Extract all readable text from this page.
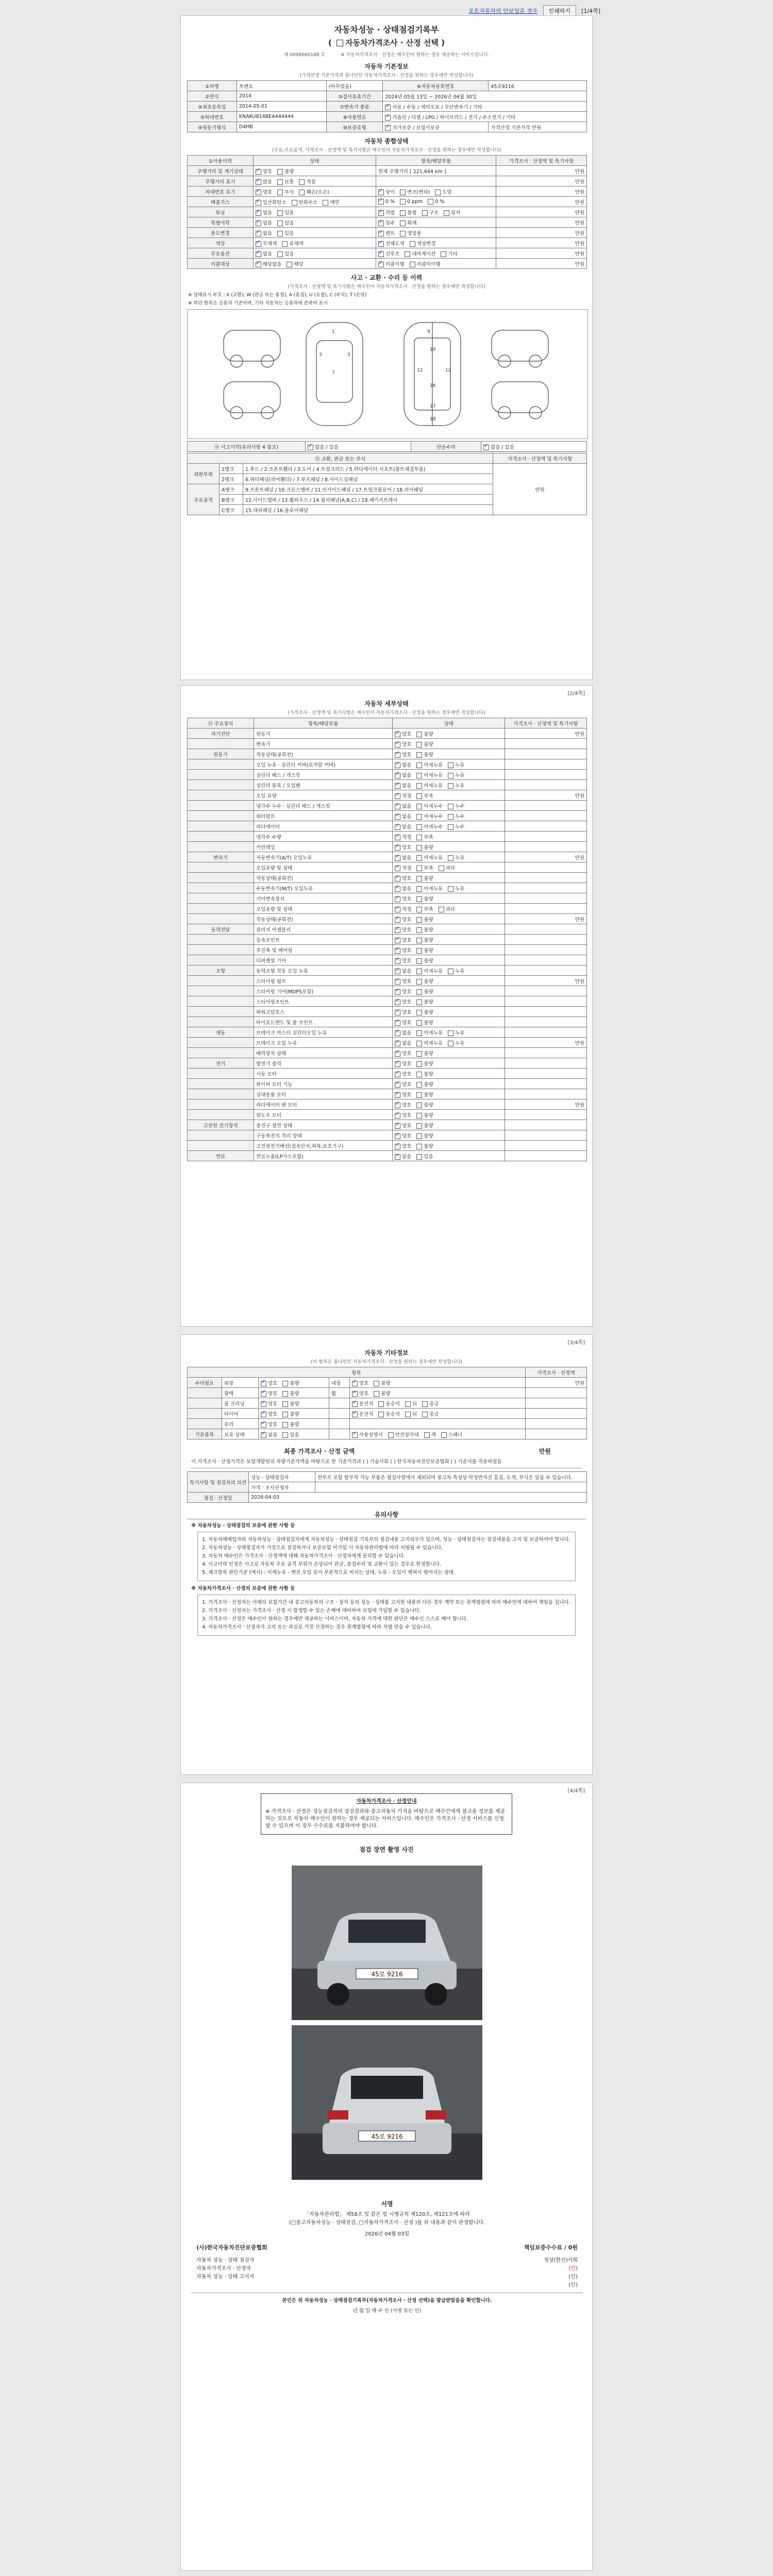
포토자동차의 안보입을 경우	인쇄하기	[1/4쪽]
자동차성능 · 상태점검기록부
( 자동차가격조사 · 산정 선택 )
제 0098660188 호	※ 자동차가격조사 · 산정은 매수인이 원하는 경우 제공하는 서비스입니다.
자동차 기본정보
(가격산정 기준가격과 품나인인 자동차가격조사 · 산정을 원하는 경우에만 작성합니다)
①차명	쏘렌토	(바꾸었을)	⑥자동차등록번호	45로9216
②연식	2014	③검사유효기간	2024년 05월 13일 ~ 2026년 04월 30일	
④최초등록일	2014-05-01	⑦변속기 종류	✓자동 / 수동 / 세미오토 / 무단변속기 / 기타
⑤차대번호	KNAKU814BEA444444	⑧사용연료	✓가솔린 / 디젤 / LPG / 하이브리드 / 전기 / 수소전기 / 기타
⑨원동기형식	D4HB	⑩보증유형	✓자가보증 / 보험사보증	가격산정 기준가격 만원
자동차 종합상태
(주요,주요골격, 가격조사 · 산정액 및 특기사항은 매수인이 자동차가격조사 · 산정을 원하는 경우에만 작성합니다)
①사용이력	상태	항목/해당부품	가격조사 · 산정액 및 특기사항
주행거리 및 계기상태	✓양호 불량	현재 주행거리 [ 221,644 km ]	만원
주행거리 표시	✓많음 보통 적음		만원
차대번호 표기	✓양호 부식 훼손(오손)	✓상이 변조(변타) 도말	만원
배출가스	✓일산화탄소 탄화수소 매연	✓0 % 0 ppm 0 %	만원
튜닝	✓없음 있음	✓적법 불법 구조 장치	만원
특별이력	✓없음 있음	✓침수 화재	만원
용도변경	✓없음 있음	✓렌트 영업용	만원
색상	✓무채색 유채색	✓전체도색 색상변경	만원
주요옵션	✓없음 있음	✓선루프 네비게이션 기타	만원
리콜대상	✓해당없음 해당	✓리콜이행 리콜미이행	만원
사고 · 교환 · 수리 등 이력
(가격조사 · 산정액 및 특기사항은 매수인이 자동차가격조사 · 산정을 원하는 경우에만 작성합니다)

※ 상태표시 부호 : X (교환), W (판금 또는 용접), A (흠집), U (요철), C (부식), T (손상)

※ 하단 항목은 승용차 기준이며, 기타 자동차는 승용차에 준하여 표시

1
7
3	3
9
10
12	12
16
17
18
⑪ 사고이력(유의사항 4 참조)	✓없음 / 있음	단순수리	✓없음 / 있음
⑫ 교환, 판금 또는 부식			가격조사 · 산정액 및 특기사항
외판부위	1랭크	1.후드 / 2.프론트휀더 / 3.도어 / 4.트렁크리드 / 5.라디에이터 서포트(볼트체결부품)	만원
	2랭크	6.쿼터패널(리어휀더) / 7.루프패널 / 8.사이드실패널	
주요골격	A랭크	9.프론트패널 / 10.크로스멤버 / 11.인사이드패널 / 17.트렁크플로어 / 18.리어패널	
	B랭크	12.사이드멤버 / 13.휠하우스 / 14.필러패널(A,B,C) / 19.패키지트레이	
	C랭크	15.대쉬패널 / 16.플로어패널	
[2/4쪽]
자동차 세부상태
(가격조사 · 산정액 및 특기사항은 매수인이 자동차가격조사 · 산정을 원하는 경우에만 작성합니다)
⑬ 주요장치	항목/해당부품	상태	가격조사 · 산정액 및 특기사항
자기진단	원동기	✓양호 불량	만원
	변속기	✓양호 불량	
원동기	작동상태(공회전)	✓양호 불량	
	오일 누유 · 실린더 커버(로커암 커버)	✓없음 미세누유 누유	
	실린더 헤드 / 개스킷	✓없음 미세누유 누유	
	실린더 블록 / 오일팬	✓없음 미세누유 누유	
	오일 유량	✓적정 부족	만원
	냉각수 누수 · 실린더 헤드 / 개스킷	✓없음 미세누수 누수	
	워터펌프	✓없음 미세누수 누수	
	라디에이터	✓없음 미세누수 누수	
	냉각수 수량	✓적정 부족	
	커먼레일	✓양호 불량	
변속기	자동변속기(A/T) 오일누유	✓없음 미세누유 누유	만원
	오일유량 및 상태	✓적정 부족 과다	
	작동상태(공회전)	✓양호 불량	
	수동변속기(M/T) 오일누유	✓없음 미세누유 누유	
	기어변속장치	✓양호 불량	
	오일유량 및 상태	✓적정 부족 과다	
	작동상태(공회전)	✓양호 불량	만원
동력전달	클러치 어셈블리	✓양호 불량	
	등속조인트	✓양호 불량	
	추진축 및 베어링	✓양호 불량	
	디퍼렌셜 기어	✓양호 불량	
조향	동력조향 작동 오일 누유	✓없음 미세누유 누유	
	스티어링 펌프	✓양호 불량	만원
	스티어링 기어(MDPS포함)	✓양호 불량	
	스티어링조인트	✓양호 불량	
	파워고압호스	✓양호 불량	
	타이로드엔드 및 볼 조인트	✓양호 불량	
제동	브레이크 마스터 실린더오일 누유	✓없음 미세누유 누유	
	브레이크 오일 누유	✓없음 미세누유 누유	만원
	배력장치 상태	✓양호 불량	
전기	발전기 출력	✓양호 불량	
	시동 모터	✓양호 불량	
	와이퍼 모터 기능	✓양호 불량	
	실내송풍 모터	✓양호 불량	
	라디에이터 팬 모터	✓양호 불량	만원
	윈도우 모터	✓양호 불량	
고전원 전기장치	충전구 절연 상태	✓양호 불량	
	구동축전지 격리 상태	✓양호 불량	
	고전원전기배선(접속단자,피복,보호기구)	✓양호 불량	
연료	연료누출(LP가스포함)	✓없음 있음	
[3/4쪽]
자동차 기타정보
(이 항목은 품나인인 자동차가격조사 · 산정을 원하는 경우에만 작성합니다)
항목					가격조사 · 산정액
수리필요	외장	✓양호 불량	내장	✓양호 불량	만원
	광택	✓양호 불량	휠	✓양호 불량	
	룸 크리닝	✓양호 불량		✓운전석 동승석 뒤 응급	
	타이어	✓양호 불량		✓운전석 동승석 뒤 응급	
	유리	✓양호 불량			
기본품목	보유 상태	✓없음 있음		✓사용설명서 안전삼각대 잭 스패너	
최종 가격조사 · 산정 금액	만원
이 가격조사 · 산정가격은 보험개발원의 차량기준가액을 바탕으로 한 기준가격과 ( ) 기술사회 ( ) 한국자동차진단보증협회 ( ) 기준서를 적용하였음
특기사항 및 점검자의 의견	성능 · 상태점검자	썬루프 포함 탈부착 가능 부품은 점검사양에서 제외되며 중고차 특성상 탁성반자진 흠집, 도색, 부식은 있을 수 있습니다.
	가격 · 조사산정자	
점검 · 산정일	2026-04-03	
유의사항

※ 자동차성능 · 상태점검의 보증에 관한 사항 등

1. 자동차매매업자와 자동차성능 · 상태점검자에게 자동차성능 · 상태점검 기록부의 점검내용 고지의무가 있으며, 성능 · 상태점검자는 점검내용을 고지 및 보증하여야 합니다.

2. 자동차성능 · 상태점검자가 거짓으로 점검하거나 보증보험 미가입 시 자동차관리법에 따라 처벌될 수 있습니다.

3. 자동차 매수인은 가격조사 · 산정액에 대해 자동차가격조사 · 산정자에게 문의할 수 있습니다.

4. 사고이력 인정은 사고로 자동차 주요 골격 부위가 손상되어 판금, 용접수리 및 교환이 있는 경우로 한정합니다.

5. 체크항목 판단기준 (예시) : 미세누유 - 엔진 오일 등이 부분적으로 비치는 상태, 누유 - 오일이 맺혀서 떨어지는 상태.

※ 자동차가격조사 · 산정의 보증에 관한 사항 등

1. 가격조사 · 산정자는 아래의 보험기간 내 중고자동차의 구조 · 장치 등의 성능 · 상태를 고지한 내용과 다른 경우 계약 또는 관계법령에 따라 매수인에 대하여 책임을 집니다.

2. 가격조사 · 산정자는 가격조사 · 산정 시 발생할 수 있는 손해에 대비하여 보험에 가입할 수 있습니다.

3. 가격조사 · 산정은 매수인이 원하는 경우에만 제공하는 서비스이며, 자동차 가격에 대한 판단은 매수인 스스로 해야 합니다.

4. 자동차가격조사 · 산정자가 고의 또는 과실로 거짓 산정하는 경우 관계법령에 따라 처벌 받을 수 있습니다.

[4/4쪽]
자동차가격조사 · 산정안내
※ 가격조사 · 산정은 성능점검자의 점검결과와 중고자동차 가격을 바탕으로 매수인에게 참고용 정보를 제공하는 것으로 자동차 매수인이 원하는 경우 제공되는 서비스입니다. 매수인은 가격조사 · 산정 서비스를 신청할 수 있으며 이 경우 수수료를 지불하여야 합니다.
점검 장면 촬영 사진
45로 9216
45로 9216
서명

「자동차관리법」 제58조 및 같은 법 시행규칙 제120조, 제121조에 따라

(□중고자동차성능 · 상태점검, □자동차가격조사 · 산정 )를 위 내용과 같이 판정합니다.

2026년 04월 03일

(사)한국자동차진단보증협회	책임보증수수료 / 0원

자동차 성능 · 상태 점검자

자동차가격조사 · 산정자

자동차 성능 · 상태 고지자

정상(한신)서희

(인)

(인)

(인)

본인은 위 자동차성능 · 상태점검기록부(자동차가격조사 · 산정 선택)을 발급받았음을 확인합니다.
년 월 일 매 수 인 (서명 또는 인)
